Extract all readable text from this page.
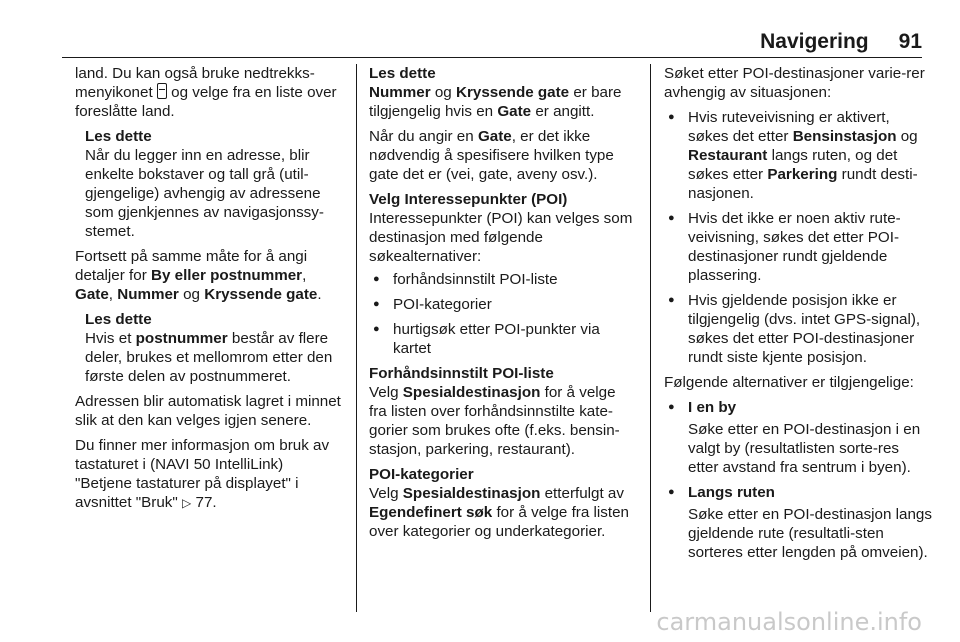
Navigering 91

land. Du kan også bruke nedtrekks-menyikonet og velge fra en liste over foreslåtte land.

Les dette
Når du legger inn en adresse, blir enkelte bokstaver og tall grå (util-gjengelige) avhengig av adressene som gjenkjennes av navigasjonssy-stemet.

Fortsett på samme måte for å angi detaljer for By eller postnummer, Gate, Nummer og Kryssende gate.

Les dette
Hvis et postnummer består av flere deler, brukes et mellomrom etter den første delen av postnummeret.

Adressen blir automatisk lagret i minnet slik at den kan velges igjen senere.

Du finner mer informasjon om bruk av tastaturet i (NAVI 50 IntelliLink) "Betjene tastaturer på displayet" i avsnittet "Bruk" ▷ 77.

Les dette

Nummer og Kryssende gate er bare tilgjengelig hvis en Gate er angitt.

Når du angir en Gate, er det ikke nødvendig å spesifisere hvilken type gate det er (vei, gate, aveny osv.).

Velg Interessepunkter (POI)
Interessepunkter (POI) kan velges som destinasjon med følgende søkealternativer:
● forhåndsinnstilt POI-liste
● POI-kategorier
● hurtigsøk etter POI-punkter via kartet
Forhåndsinnstilt POI-liste

Velg Spesialdestinasjon for å velge fra listen over forhåndsinnstilte kate-gorier som brukes ofte (f.eks. bensin-stasjon, parkering, restaurant).

POI-kategorier

Velg Spesialdestinasjon etterfulgt av Egendefinert søk for å velge fra listen over kategorier og underkategorier.

Søket etter POI-destinasjoner varie-rer avhengig av situasjonen:

● Hvis ruteveivisning er aktivert, søkes det etter Bensinstasjon og Restaurant langs ruten, og det søkes etter Parkering rundt desti-nasjonen.
● Hvis det ikke er noen aktiv rute-veivisning, søkes det etter POI-destinasjoner rundt gjeldende plassering.
● Hvis gjeldende posisjon ikke er tilgjengelig (dvs. intet GPS-signal), søkes det etter POI-destinasjoner rundt siste kjente posisjon.

Følgende alternativer er tilgjengelige:

● I en by
Søke etter en POI-destinasjon i en valgt by (resultatlisten sorte-res etter avstand fra sentrum i byen).
● Langs ruten
Søke etter en POI-destinasjon langs gjeldende rute (resultatli-sten sorteres etter lengden på omveien).
carmanualsonline.info
